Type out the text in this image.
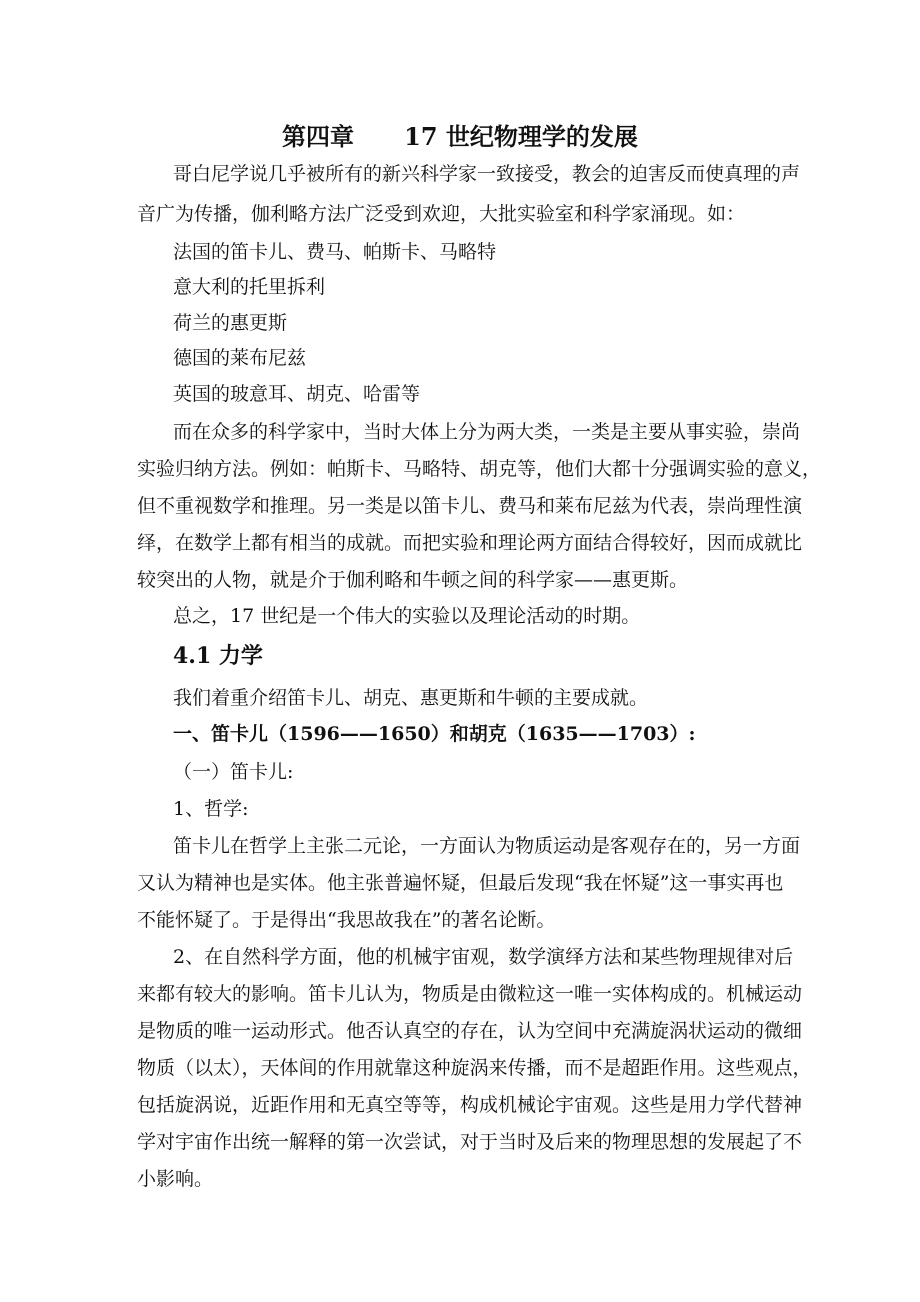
第四章      17 世纪物理学的发展
哥白尼学说几乎被所有的新兴科学家一致接受，教会的迫害反而使真理的声
音广为传播，伽利略方法广泛受到欢迎，大批实验室和科学家涌现。如：
法国的笛卡儿、费马、帕斯卡、马略特
意大利的托里拆利
荷兰的惠更斯
德国的莱布尼兹
英国的玻意耳、胡克、哈雷等
而在众多的科学家中，当时大体上分为两大类，一类是主要从事实验，崇尚
实验归纳方法。例如：帕斯卡、马略特、胡克等，他们大都十分强调实验的意义，
但不重视数学和推理。另一类是以笛卡儿、费马和莱布尼兹为代表，崇尚理性演
绎，在数学上都有相当的成就。而把实验和理论两方面结合得较好，因而成就比
较突出的人物，就是介于伽利略和牛顿之间的科学家——惠更斯。
总之，17 世纪是一个伟大的实验以及理论活动的时期。
4.1 力学
我们着重介绍笛卡儿、胡克、惠更斯和牛顿的主要成就。
一、笛卡儿（1596——1650）和胡克（1635——1703）:
（一）笛卡儿:
1、哲学:
笛卡儿在哲学上主张二元论，一方面认为物质运动是客观存在的，另一方面
又认为精神也是实体。他主张普遍怀疑，但最后发现“我在怀疑”这一事实再也
不能怀疑了。于是得出“我思故我在”的著名论断。
2、在自然科学方面，他的机械宇宙观，数学演绎方法和某些物理规律对后
来都有较大的影响。笛卡儿认为，物质是由微粒这一唯一实体构成的。机械运动
是物质的唯一运动形式。他否认真空的存在，认为空间中充满旋涡状运动的微细
物质（以太），天体间的作用就靠这种旋涡来传播，而不是超距作用。这些观点，
包括旋涡说，近距作用和无真空等等，构成机械论宇宙观。这些是用力学代替神
学对宇宙作出统一解释的第一次尝试，对于当时及后来的物理思想的发展起了不
小影响。
